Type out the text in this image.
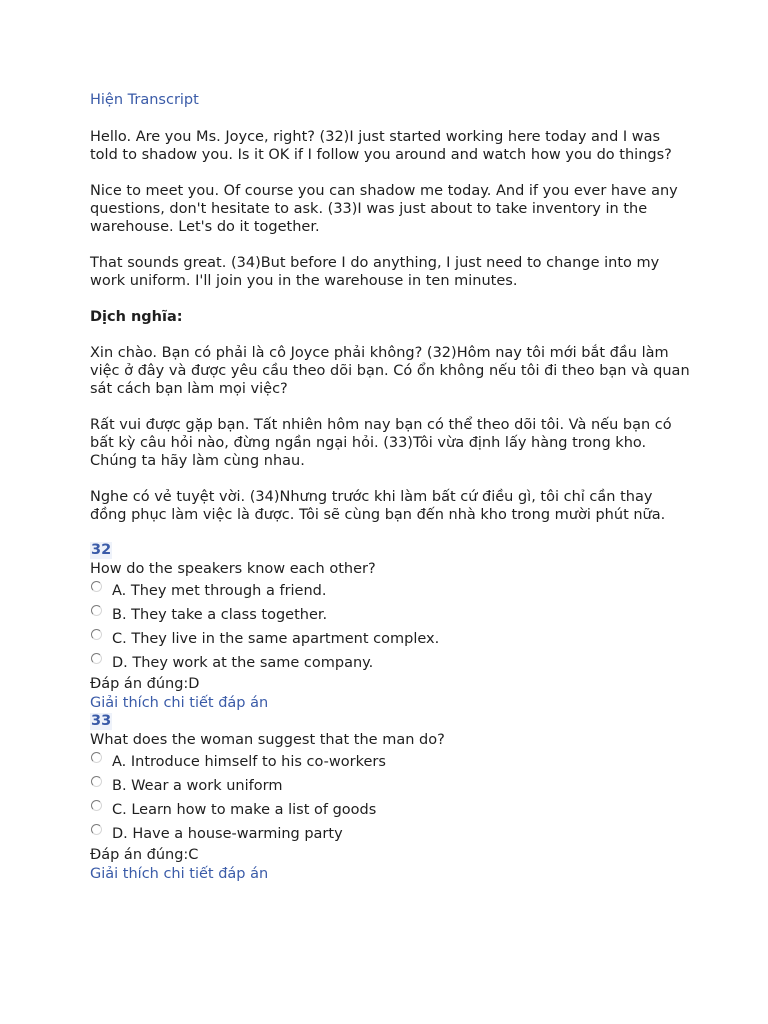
Hiện Transcript

Hello. Are you Ms. Joyce, right? (32)I just started working here today and I was told to shadow you. Is it OK if I follow you around and watch how you do things?

Nice to meet you. Of course you can shadow me today. And if you ever have any questions, don't hesitate to ask. (33)I was just about to take inventory in the warehouse. Let's do it together.

That sounds great. (34)But before I do anything, I just need to change into my work uniform. I'll join you in the warehouse in ten minutes.

Dịch nghĩa:

Xin chào. Bạn có phải là cô Joyce phải không? (32)Hôm nay tôi mới bắt đầu làm việc ở đây và được yêu cầu theo dõi bạn. Có ổn không nếu tôi đi theo bạn và quan sát cách bạn làm mọi việc?

Rất vui được gặp bạn. Tất nhiên hôm nay bạn có thể theo dõi tôi. Và nếu bạn có bất kỳ câu hỏi nào, đừng ngần ngại hỏi. (33)Tôi vừa định lấy hàng trong kho. Chúng ta hãy làm cùng nhau.

Nghe có vẻ tuyệt vời. (34)Nhưng trước khi làm bất cứ điều gì, tôi chỉ cần thay đồng phục làm việc là được. Tôi sẽ cùng bạn đến nhà kho trong mười phút nữa.

32
How do the speakers know each other?
A. They met through a friend.
B. They take a class together.
C. They live in the same apartment complex.
D. They work at the same company.
Đáp án đúng:D
Giải thích chi tiết đáp án
33
What does the woman suggest that the man do?
A. Introduce himself to his co-workers
B. Wear a work uniform
C. Learn how to make a list of goods
D. Have a house-warming party
Đáp án đúng:C
Giải thích chi tiết đáp án
